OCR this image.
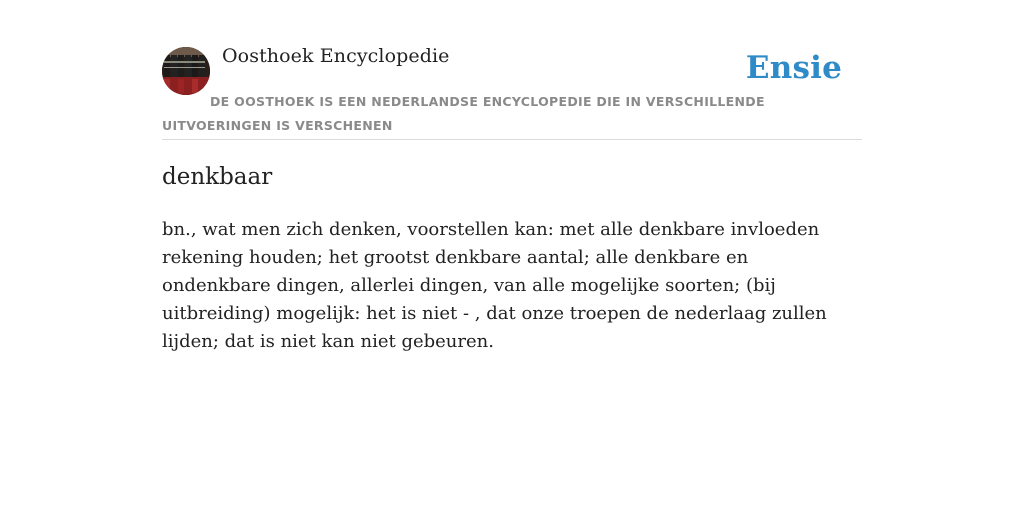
Oosthoek Encyclopedie	Ensie
DE OOSTHOEK IS EEN NEDERLANDSE ENCYCLOPEDIE DIE IN VERSCHILLENDE UITVOERINGEN IS VERSCHENEN
denkbaar

bn., wat men zich denken, voorstellen kan: met alle denkbare invloeden rekening houden; het grootst denkbare aantal; alle denkbare en ondenkbare dingen, allerlei dingen, van alle mogelijke soorten; (bij uitbreiding) mogelijk: het is niet - , dat onze troepen de nederlaag zullen lijden; dat is niet kan niet gebeuren.
